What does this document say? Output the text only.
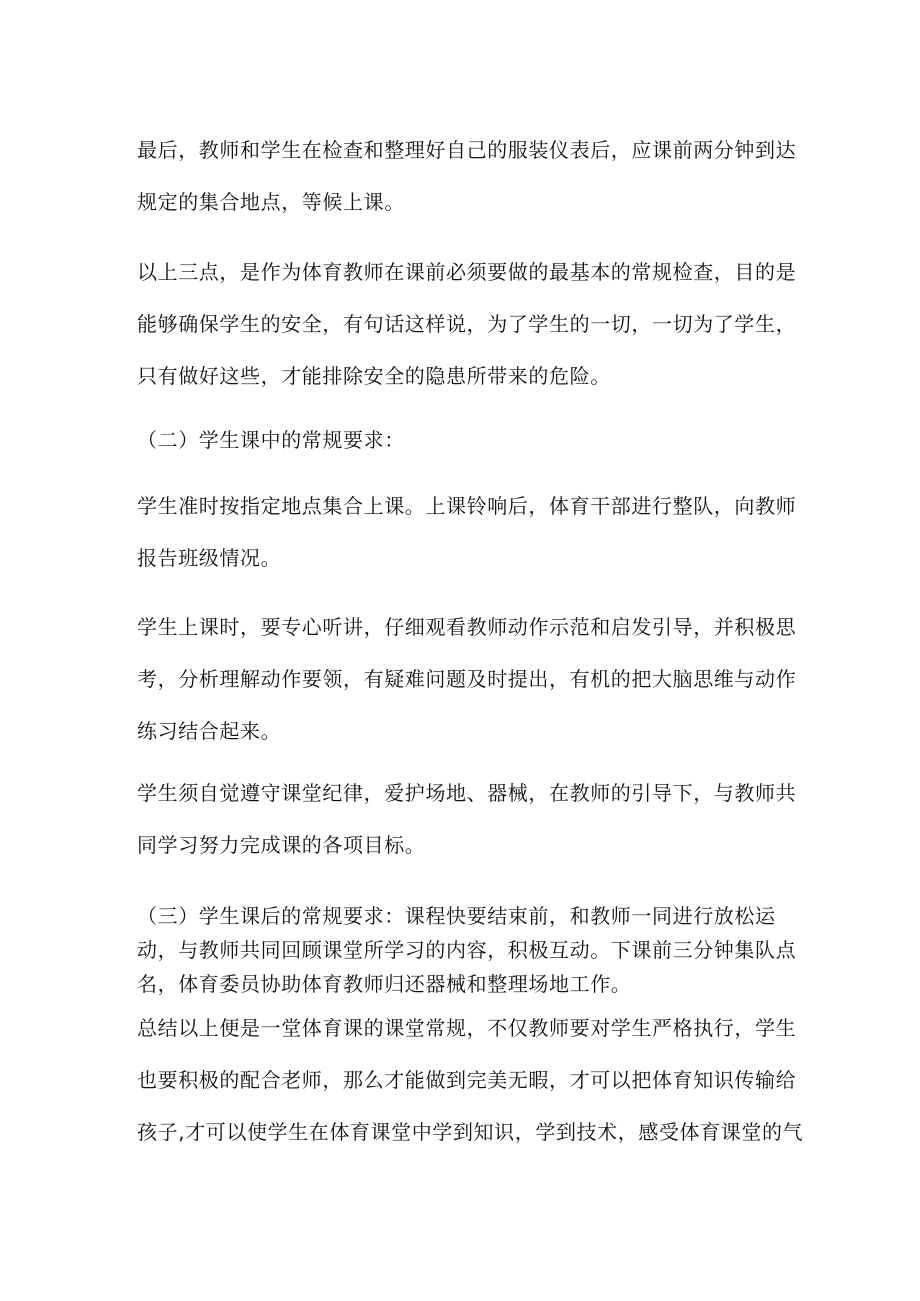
最后，教师和学生在检查和整理好自己的服装仪表后，应课前两分钟到达
规定的集合地点，等候上课。
以上三点，是作为体育教师在课前必须要做的最基本的常规检查，目的是
能够确保学生的安全，有句话这样说，为了学生的一切，一切为了学生，
只有做好这些，才能排除安全的隐患所带来的危险。
（二）学生课中的常规要求：
学生准时按指定地点集合上课。上课铃响后，体育干部进行整队，向教师
报告班级情况。
学生上课时，要专心听讲，仔细观看教师动作示范和启发引导，并积极思
考，分析理解动作要领，有疑难问题及时提出，有机的把大脑思维与动作
练习结合起来。
学生须自觉遵守课堂纪律，爱护场地、器械，在教师的引导下，与教师共
同学习努力完成课的各项目标。
（三）学生课后的常规要求：课程快要结束前，和教师一同进行放松运
动，与教师共同回顾课堂所学习的内容，积极互动。下课前三分钟集队点
名，体育委员协助体育教师归还器械和整理场地工作。
总结以上便是一堂体育课的课堂常规，不仅教师要对学生严格执行，学生
也要积极的配合老师，那么才能做到完美无暇，才可以把体育知识传输给
孩子,才可以使学生在体育课堂中学到知识，学到技术，感受体育课堂的气
